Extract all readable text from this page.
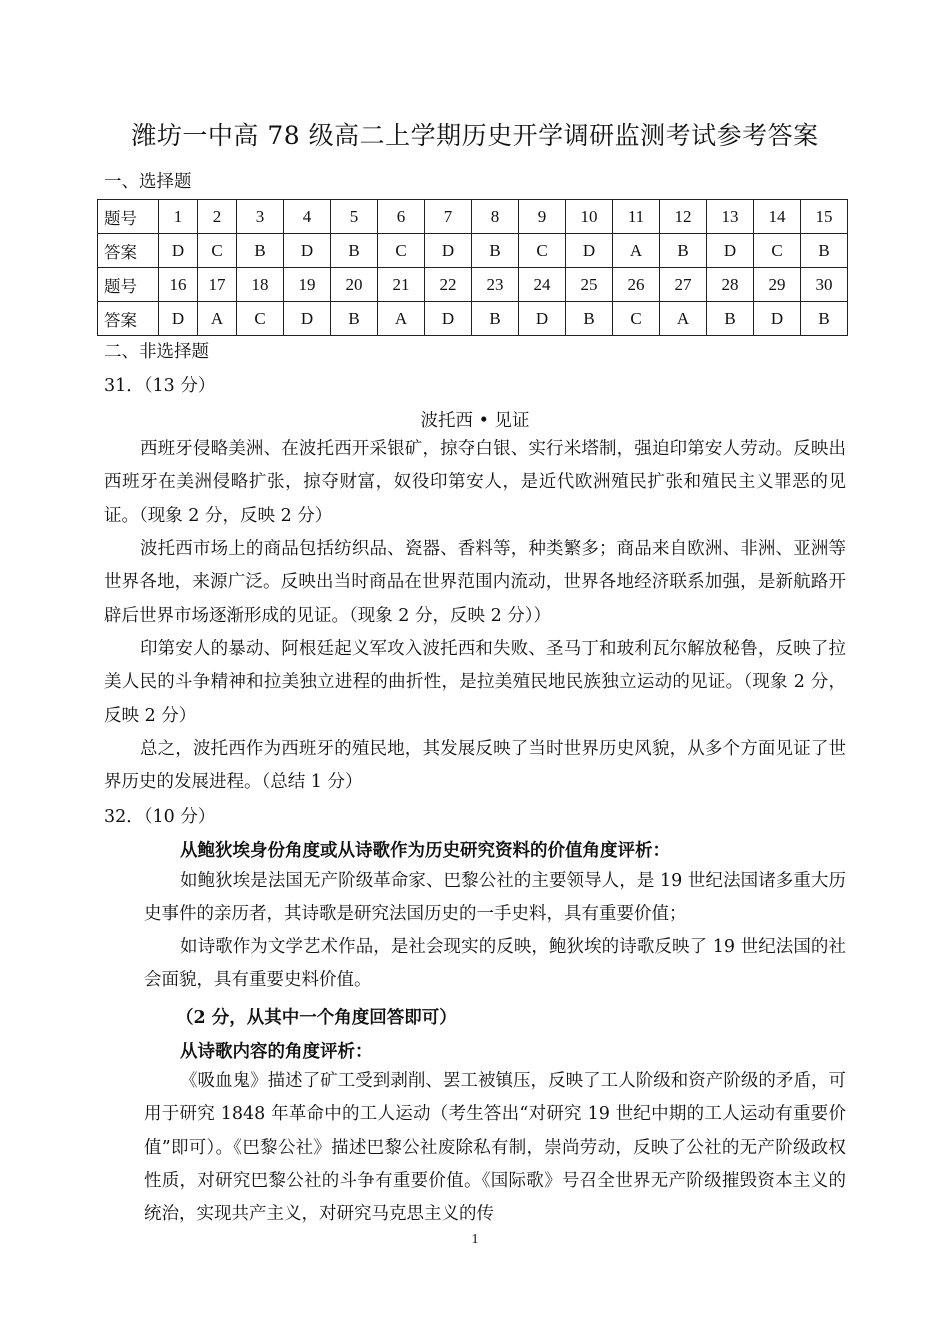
潍坊一中高 78 级高二上学期历史开学调研监测考试参考答案
一、选择题
题号	1	2	3	4	5	6	7	8	9	10	11	12	13	14	15
答案	D	C	B	D	B	C	D	B	C	D	A	B	D	C	B
题号	16	17	18	19	20	21	22	23	24	25	26	27	28	29	30
答案	D	A	C	D	B	A	D	B	D	B	C	A	B	D	B
二、非选择题
31．（13 分）
波托西 • 见证
西班牙侵略美洲、在波托西开采银矿，掠夺白银、实行米塔制，强迫印第安人劳动。反映出西班牙在美洲侵略扩张，掠夺财富，奴役印第安人，是近代欧洲殖民扩张和殖民主义罪恶的见证。（现象 2 分，反映 2 分）
波托西市场上的商品包括纺织品、瓷器、香料等，种类繁多；商品来自欧洲、非洲、亚洲等世界各地，来源广泛。反映出当时商品在世界范围内流动，世界各地经济联系加强，是新航路开辟后世界市场逐渐形成的见证。（现象 2 分，反映 2 分））
印第安人的暴动、阿根廷起义军攻入波托西和失败、圣马丁和玻利瓦尔解放秘鲁，反映了拉美人民的斗争精神和拉美独立进程的曲折性，是拉美殖民地民族独立运动的见证。（现象 2 分，反映 2 分）
总之，波托西作为西班牙的殖民地，其发展反映了当时世界历史风貌，从多个方面见证了世界历史的发展进程。（总结 1 分）
32．（10 分）
从鲍狄埃身份角度或从诗歌作为历史研究资料的价值角度评析：
如鲍狄埃是法国无产阶级革命家、巴黎公社的主要领导人，是 19 世纪法国诸多重大历史事件的亲历者，其诗歌是研究法国历史的一手史料，具有重要价值；
如诗歌作为文学艺术作品，是社会现实的反映，鲍狄埃的诗歌反映了 19 世纪法国的社会面貌，具有重要史料价值。
（2 分，从其中一个角度回答即可）
从诗歌内容的角度评析：
《吸血鬼》描述了矿工受到剥削、罢工被镇压，反映了工人阶级和资产阶级的矛盾，可用于研究 1848 年革命中的工人运动（考生答出“对研究 19 世纪中期的工人运动有重要价值”即可）。《巴黎公社》描述巴黎公社废除私有制，崇尚劳动，反映了公社的无产阶级政权性质，对研究巴黎公社的斗争有重要价值。《国际歌》号召全世界无产阶级摧毁资本主义的统治，实现共产主义，对研究马克思主义的传
1
